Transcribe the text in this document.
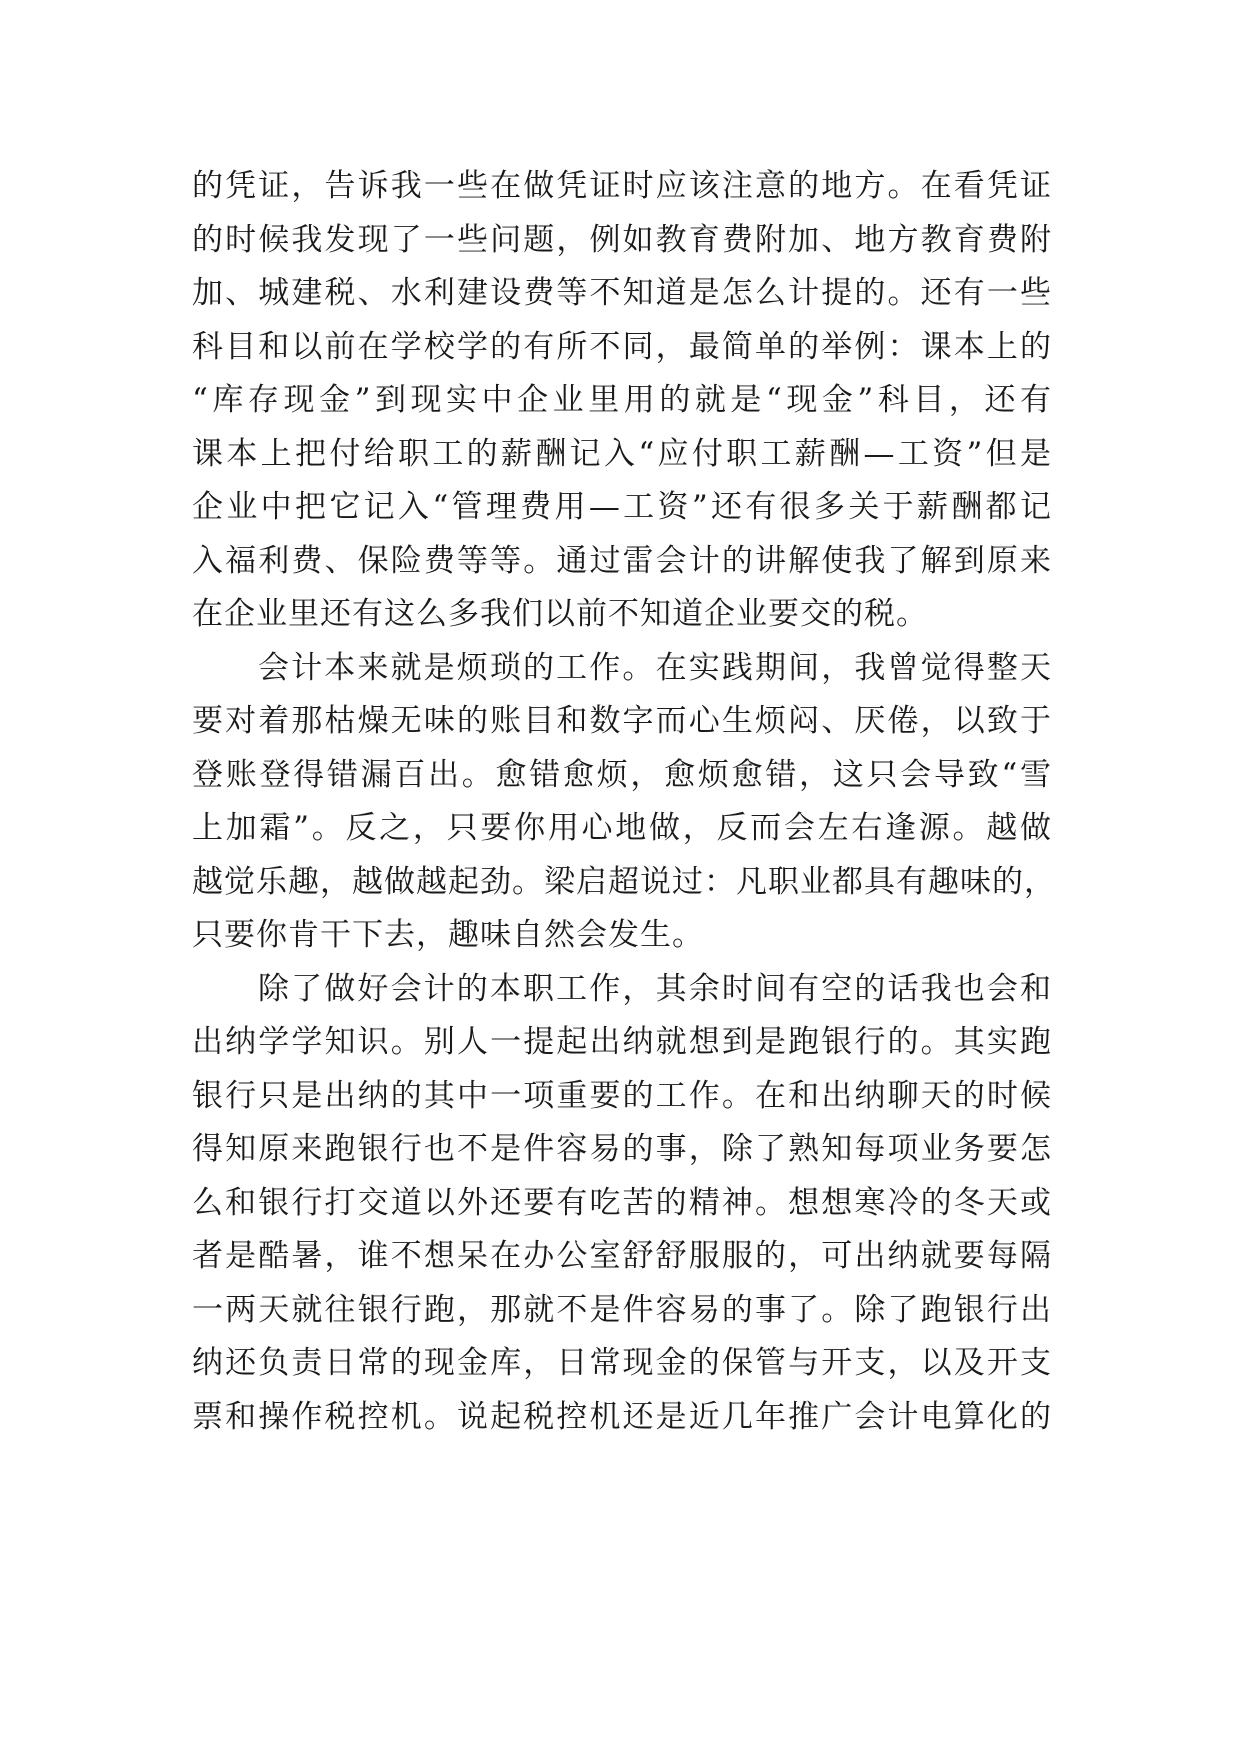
的凭证，告诉我一些在做凭证时应该注意的地方。在看凭证
的时候我发现了一些问题，例如教育费附加、地方教育费附
加、城建税、水利建设费等不知道是怎么计提的。还有一些
科目和以前在学校学的有所不同，最简单的举例：课本上的
“库存现金”到现实中企业里用的就是“现金”科目，还有
课本上把付给职工的薪酬记入“应付职工薪酬—工资”但是
企业中把它记入“管理费用—工资”还有很多关于薪酬都记
入福利费、保险费等等。通过雷会计的讲解使我了解到原来
在企业里还有这么多我们以前不知道企业要交的税。
会计本来就是烦琐的工作。在实践期间，我曾觉得整天
要对着那枯燥无味的账目和数字而心生烦闷、厌倦，以致于
登账登得错漏百出。愈错愈烦，愈烦愈错，这只会导致“雪
上加霜”。反之，只要你用心地做，反而会左右逢源。越做
越觉乐趣，越做越起劲。梁启超说过：凡职业都具有趣味的，
只要你肯干下去，趣味自然会发生。
除了做好会计的本职工作，其余时间有空的话我也会和
出纳学学知识。别人一提起出纳就想到是跑银行的。其实跑
银行只是出纳的其中一项重要的工作。在和出纳聊天的时候
得知原来跑银行也不是件容易的事，除了熟知每项业务要怎
么和银行打交道以外还要有吃苦的精神。想想寒冷的冬天或
者是酷暑，谁不想呆在办公室舒舒服服的，可出纳就要每隔
一两天就往银行跑，那就不是件容易的事了。除了跑银行出
纳还负责日常的现金库，日常现金的保管与开支，以及开支
票和操作税控机。说起税控机还是近几年推广会计电算化的
